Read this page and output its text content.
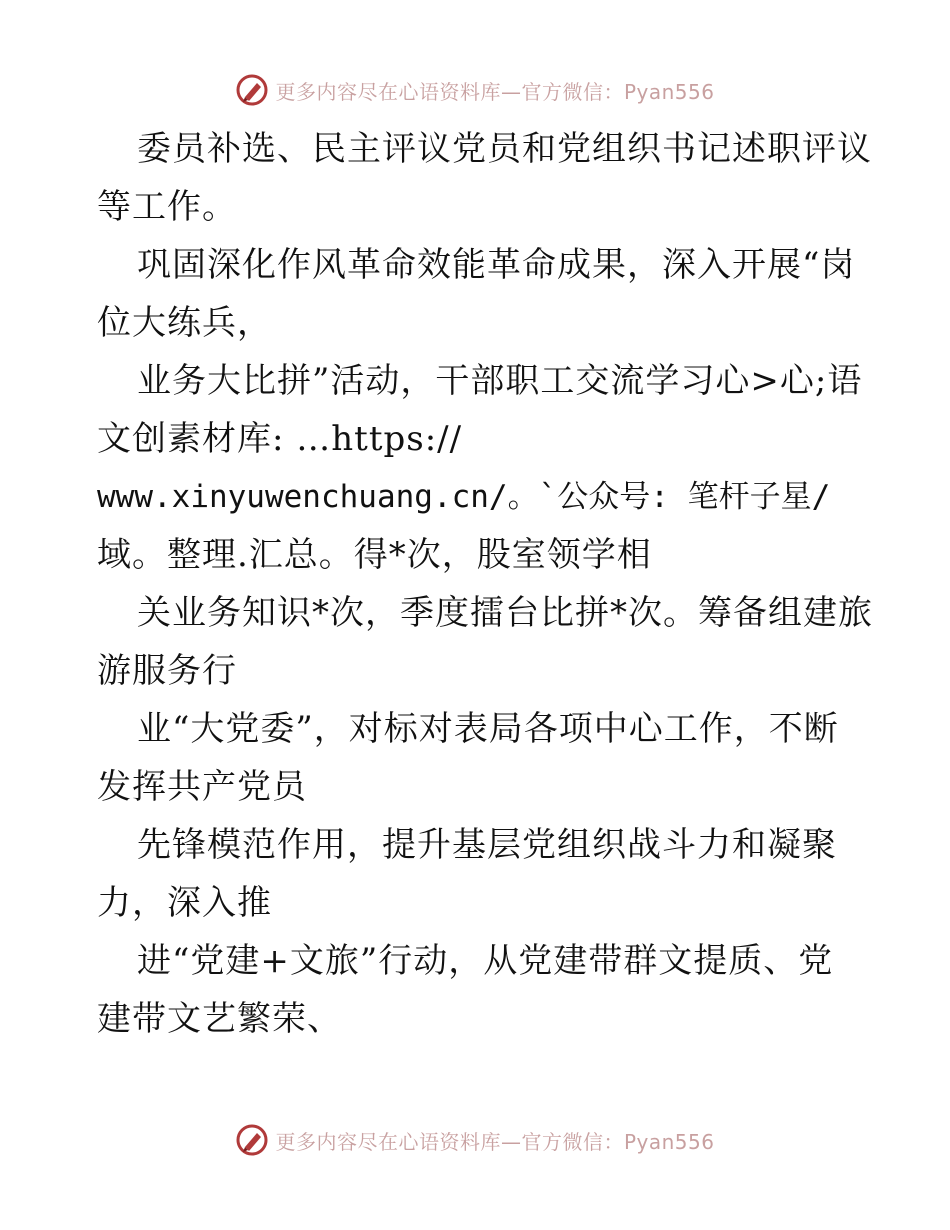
更多内容尽在心语资料库—官方微信：Pyan556
委员补选、民主评议党员和党组织书记述职评议
等工作。
巩固深化作风革命效能革命成果，深入开展“岗
位大练兵，
业务大比拼”活动，干部职工交流学习心>心;语
文创素材库: …https://
www.xinyuwenchuang.cn/。`公众号: 笔杆子星/
域。整理.汇总。得*次，股室领学相
关业务知识*次，季度擂台比拼*次。筹备组建旅
游服务行
业“大党委”，对标对表局各项中心工作，不断
发挥共产党员
先锋模范作用，提升基层党组织战斗力和凝聚
力，深入推
进“党建+文旅”行动，从党建带群文提质、党
建带文艺繁荣、
更多内容尽在心语资料库—官方微信：Pyan556
